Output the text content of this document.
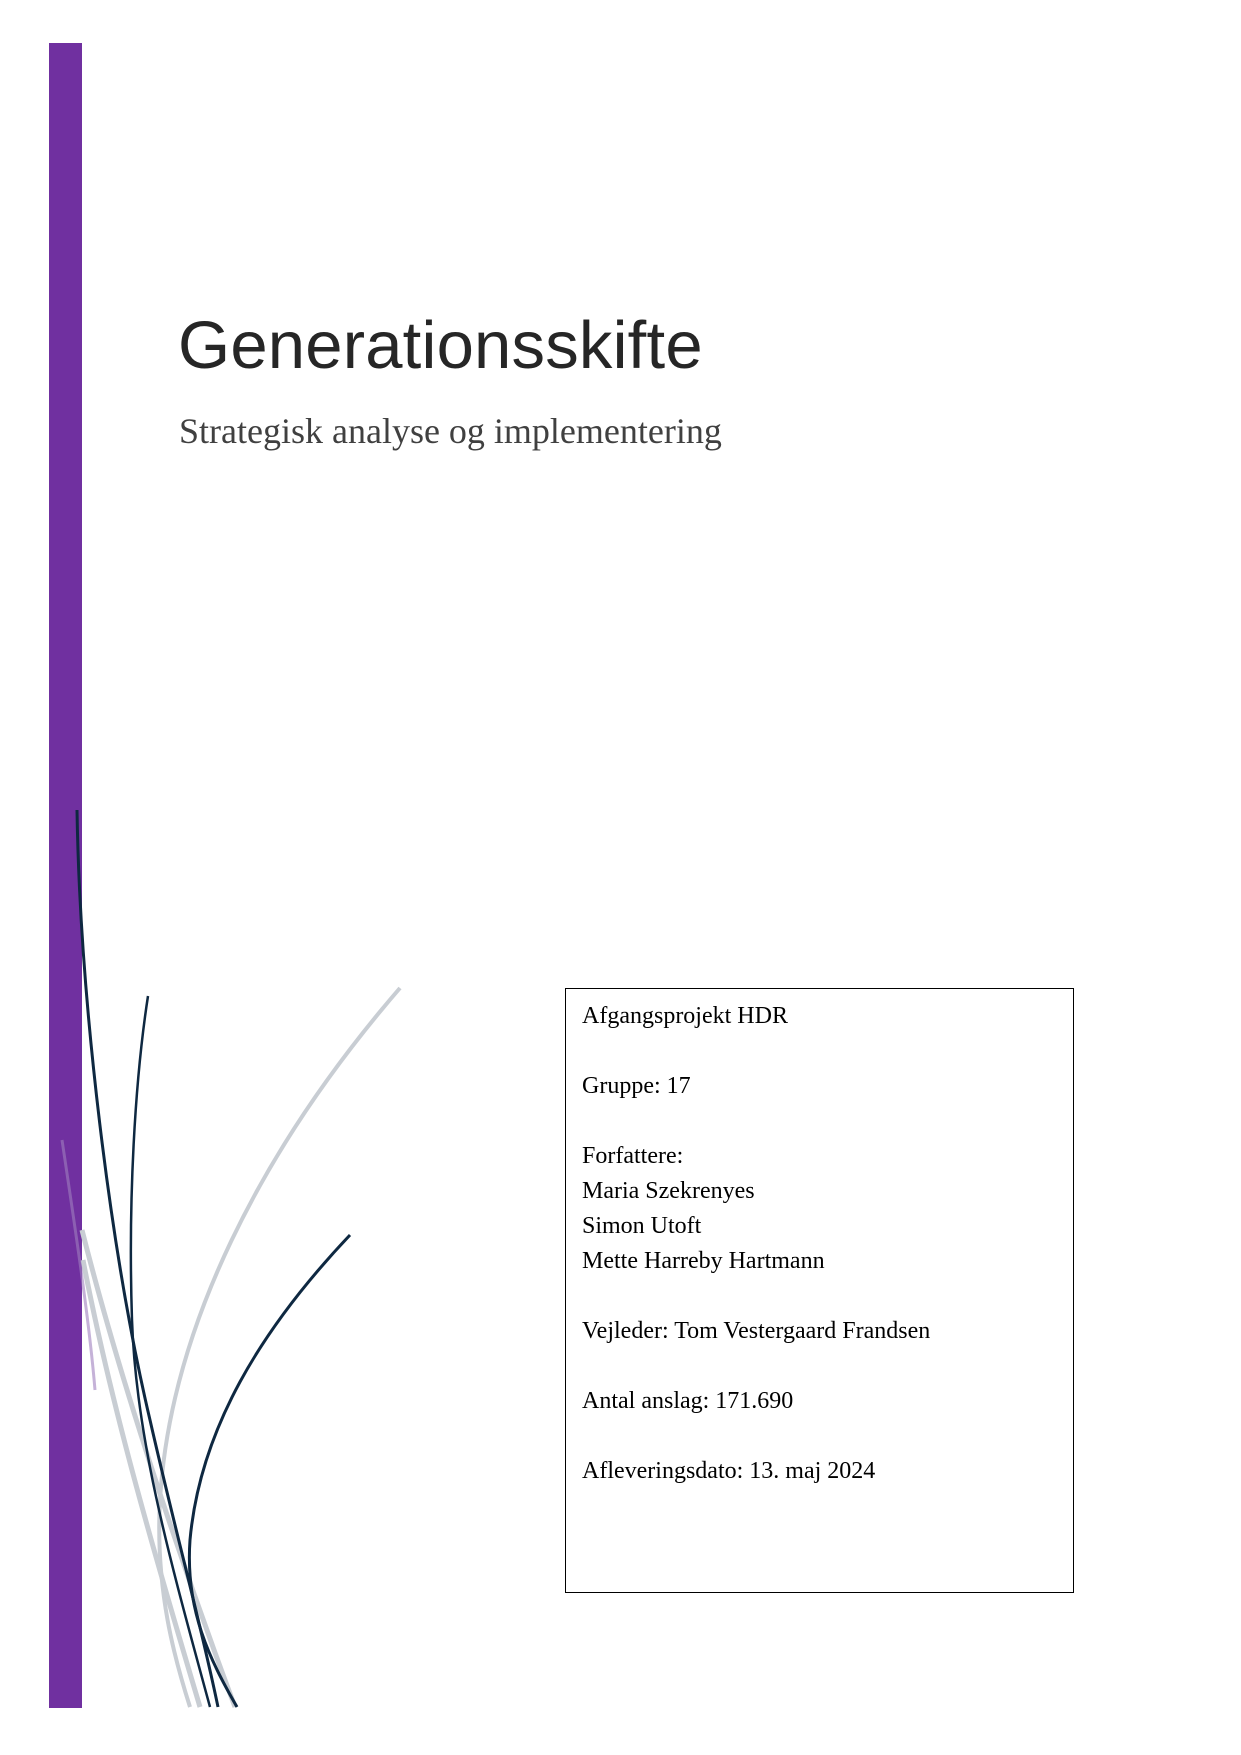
Generationsskifte
Strategisk analyse og implementering

Afgangsprojekt HDR

Gruppe: 17

Forfattere:

Maria Szekrenyes

Simon Utoft

Mette Harreby Hartmann

Vejleder: Tom Vestergaard Frandsen

Antal anslag: 171.690

Afleveringsdato: 13. maj 2024
